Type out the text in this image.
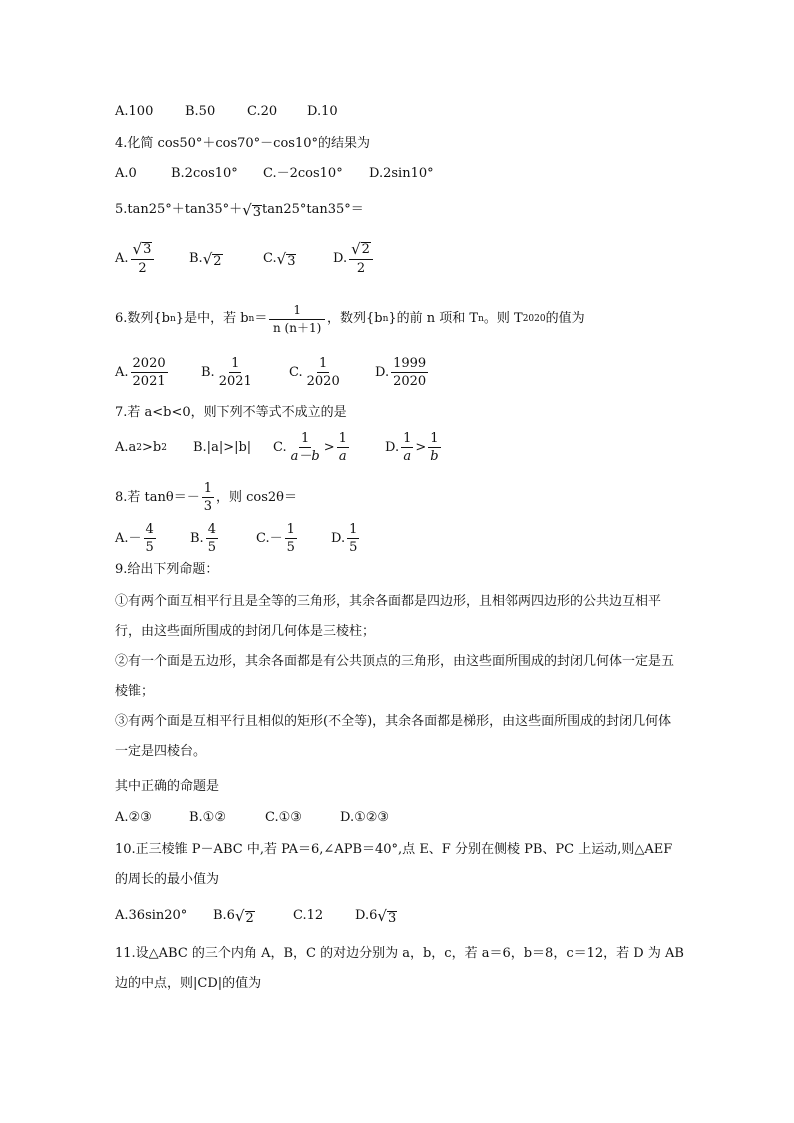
A.100	B.50	C.20	D.10
4.化简 cos50°＋cos70°－cos10°的结果为
A.0	B.2cos10°	C.－2cos10°	D.2sin10°
5.tan25°＋tan35°＋ √ 3 tan25°tan35°＝
A. $\frac{√ 3}{2}$	B. √ 2	C. √ 3	D. $\frac{√ 2}{2}$
6.数列{b n }是中，若 b $n = \frac{1}{n (n+1)}$ ，数列{b n }的前 n 项和 T n 。则 T 2020 的值为
A. $\frac{2020}{2021}$	B. $\frac{1}{2021}$	C. $\frac{1}{2020}$	D. $\frac{1999}{2020}$
7.若 a<b<0，则下列不等式不成立的是
A.a 2 >b 2 B.|a|>|b|	C. $\frac{1}{a-b} > \frac{1}{a}$	D. $\frac{1}{a} > \frac{1}{b}$
8.若 $\tan\theta=- \frac{1}{3}$ ，则 cos2θ＝
$A.- \frac{4}{5}$	B. $\frac{4}{5}$	$C.- \frac{1}{5}$	D. $\frac{1}{5}$
9.给出下列命题：
①有两个面互相平行且是全等的三角形，其余各面都是四边形，且相邻两四边形的公共边互相平行，由这些面所围成的封闭几何体是三棱柱；
②有一个面是五边形，其余各面都是有公共顶点的三角形，由这些面所围成的封闭几何体一定是五棱锥；
③有两个面是互相平行且相似的矩形(不全等)，其余各面都是梯形，由这些面所围成的封闭几何体一定是四棱台。
其中正确的命题是
A.②③	B.①②	C.①③	D.①②③
10.正三棱锥 P－ABC 中,若 PA＝6,∠APB＝40°,点 E、F 分别在侧棱 PB、PC 上运动,则△AEF
的周长的最小值为
A.36sin20°	B.6 √ 2	C.12	D.6 √ 3
11.设△ABC 的三个内角 A，B，C 的对边分别为 a，b，c，若 a＝6，b＝8，c＝12，若 D 为 AB
边的中点，则|CD|的值为
